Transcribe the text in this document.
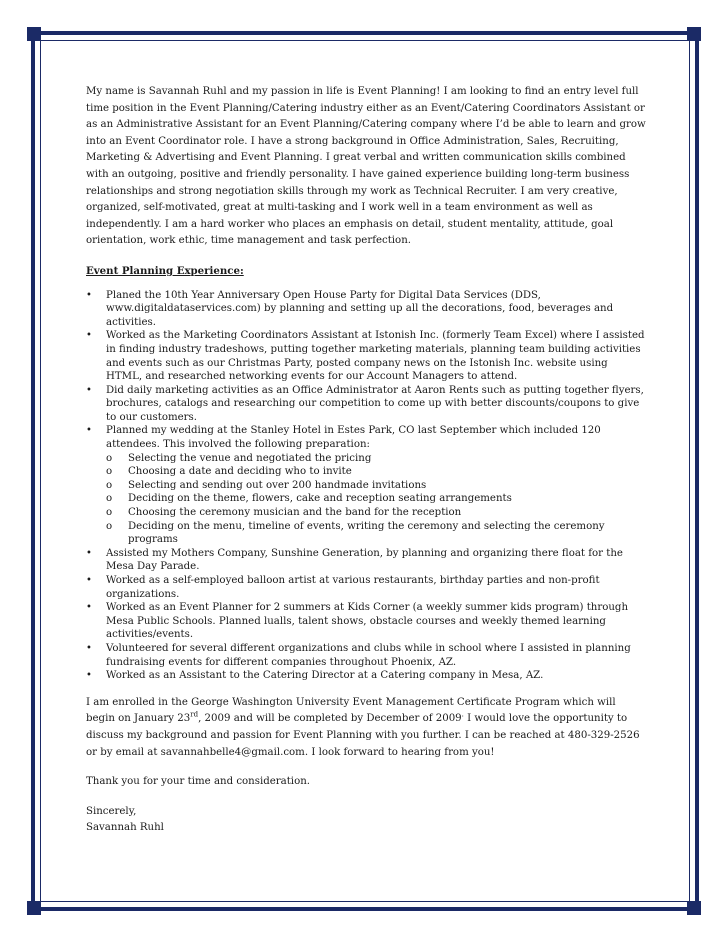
My name is Savannah Ruhl and my passion in life is Event Planning! I am looking to find an entry level full time position in the Event Planning/Catering industry either as an Event/Catering Coordinators Assistant or as an Administrative Assistant for an Event Planning/Catering company where I’d be able to learn and grow into an Event Coordinator role. I have a strong background in Office Administration, Sales, Recruiting, Marketing & Advertising and Event Planning. I great verbal and written communication skills combined with an outgoing, positive and friendly personality. I have gained experience building long-term business relationships and strong negotiation skills through my work as Technical Recruiter. I am very creative, organized, self-motivated, great at multi-tasking and I work well in a team environment as well as independently. I am a hard worker who places an emphasis on detail, student mentality, attitude, goal orientation, work ethic, time management and task perfection.

Event Planning Experience:
• Planed the 10th Year Anniversary Open House Party for Digital Data Services (DDS, www.digitaldataservices.com) by planning and setting up all the decorations, food, beverages and activities.
• Worked as the Marketing Coordinators Assistant at Istonish Inc. (formerly Team Excel) where I assisted in finding industry tradeshows, putting together marketing materials, planning team building activities and events such as our Christmas Party, posted company news on the Istonish Inc. website using HTML, and researched networking events for our Account Managers to attend.
• Did daily marketing activities as an Office Administrator at Aaron Rents such as putting together flyers, brochures, catalogs and researching our competition to come up with better discounts/coupons to give to our customers.
• Planned my wedding at the Stanley Hotel in Estes Park, CO last September which included 120 attendees. This involved the following preparation:
o Selecting the venue and negotiated the pricing
o Choosing a date and deciding who to invite
o Selecting and sending out over 200 handmade invitations
o Deciding on the theme, flowers, cake and reception seating arrangements
o Choosing the ceremony musician and the band for the reception
o Deciding on the menu, timeline of events, writing the ceremony and selecting the ceremony programs
• Assisted my Mothers Company, Sunshine Generation, by planning and organizing there float for the Mesa Day Parade.
• Worked as a self-employed balloon artist at various restaurants, birthday parties and non-profit organizations.
• Worked as an Event Planner for 2 summers at Kids Corner (a weekly summer kids program) through Mesa Public Schools. Planned lualls, talent shows, obstacle courses and weekly themed learning activities/events.
• Volunteered for several different organizations and clubs while in school where I assisted in planning fundraising events for different companies throughout Phoenix, AZ.
• Worked as an Assistant to the Catering Director at a Catering company in Mesa, AZ.

I am enrolled in the George Washington University Event Management Certificate Program which will begin on January 23rd, 2009 and will be completed by December of 2009. I would love the opportunity to discuss my background and passion for Event Planning with you further. I can be reached at 480-329-2526 or by email at savannahbelle4@gmail.com. I look forward to hearing from you!

Thank you for your time and consideration.

Sincerely,

Savannah Ruhl
